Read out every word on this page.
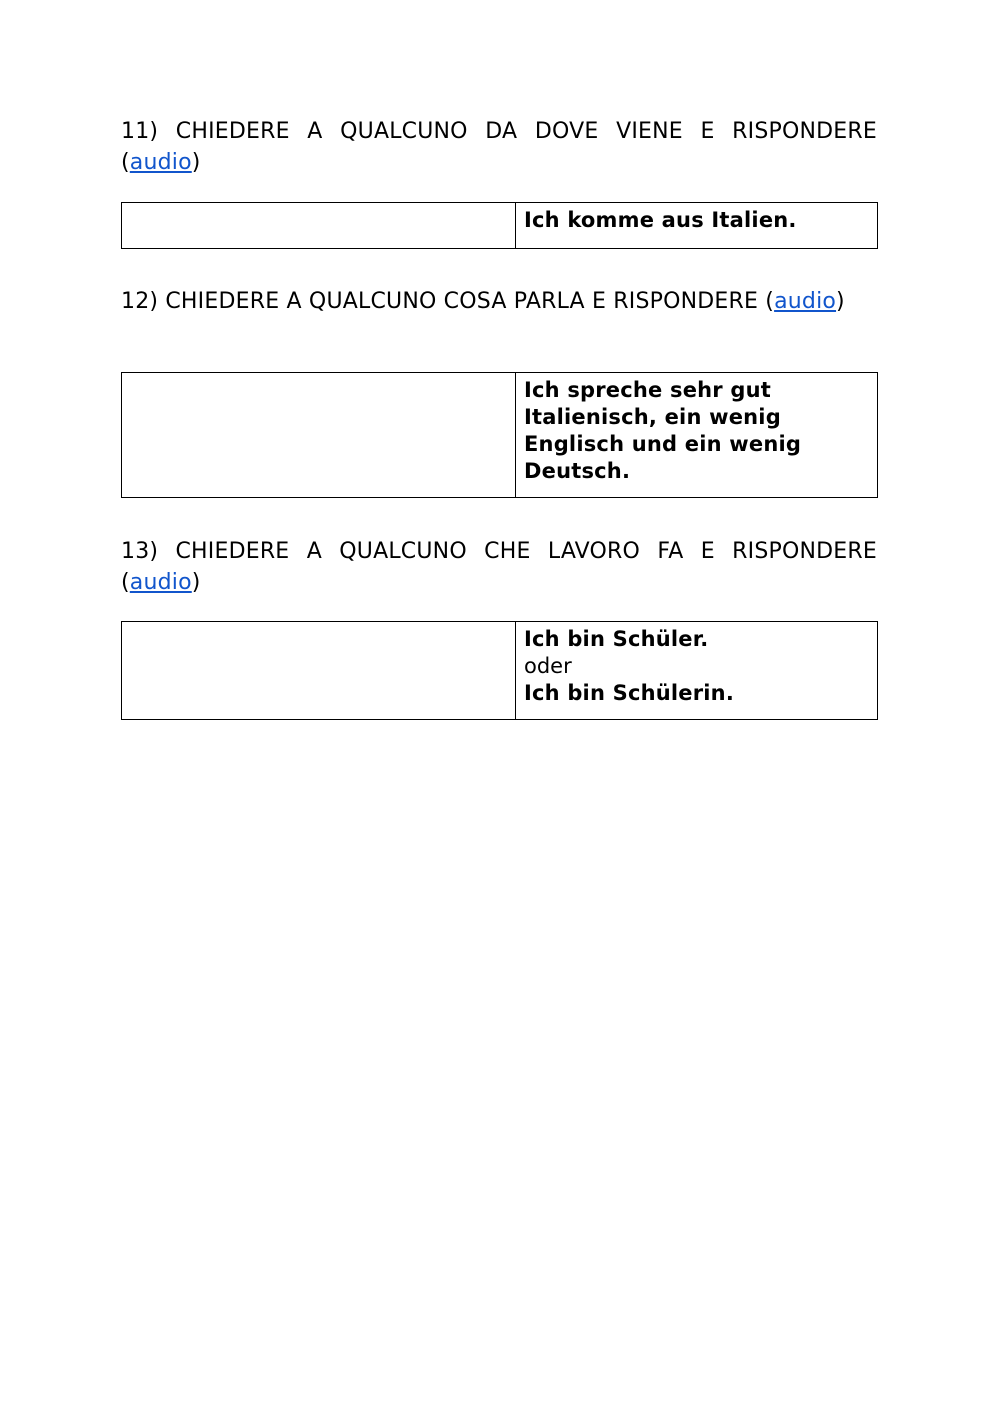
11) CHIEDERE A QUALCUNO DA DOVE VIENE E RISPONDERE (audio)

Ich komme aus Italien.

12) CHIEDERE A QUALCUNO COSA PARLA E RISPONDERE (audio)

Ich spreche sehr gut
Italienisch, ein wenig
Englisch und ein wenig
Deutsch.

13) CHIEDERE A QUALCUNO CHE LAVORO FA E RISPONDERE (audio)

Ich bin Schüler.
oder
Ich bin Schülerin.
